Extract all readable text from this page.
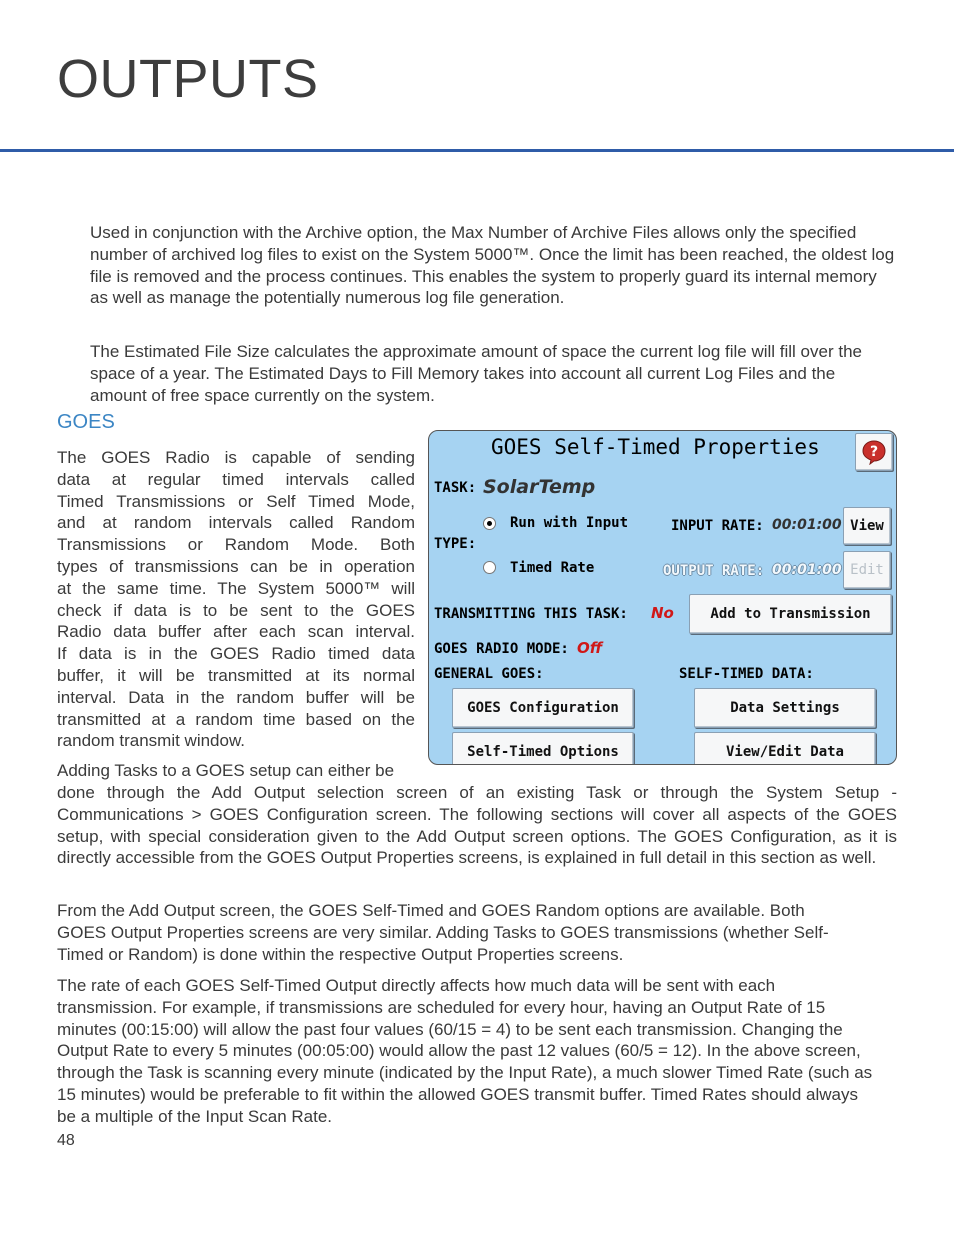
OUTPUTS

Used in conjunction with the Archive option, the Max Number of Archive Files allows only the specified number of archived log files to exist on the System 5000™. Once the limit has been reached, the oldest log file is removed and the process continues. This enables the system to properly guard its internal memory as well as manage the potentially numerous log file generation.

The Estimated File Size calculates the approximate amount of space the current log file will fill over the space of a year. The Estimated Days to Fill Memory takes into account all current Log Files and the amount of free space currently on the system.

GOES
The GOES Radio is capable of sending
data at regular timed intervals called
Timed Transmissions or Self Timed Mode,
and at random intervals called Random
Transmissions or Random Mode. Both
types of transmissions can be in operation
at the same time. The System 5000™ will
check if data is to be sent to the GOES
Radio data buffer after each scan interval.
If data is in the GOES Radio timed data
buffer, it will be transmitted at its normal
interval. Data in the random buffer will be
transmitted at a random time based on the
random transmit window.
Adding Tasks to a GOES setup can either be

done through the Add Output selection screen of an existing Task or through the System Setup - Communications > GOES Configuration screen. The following sections will cover all aspects of the GOES setup, with special consideration given to the Add Output screen options. The GOES Configuration, as it is directly accessible from the GOES Output Properties screens, is explained in full detail in this section as well.

From the Add Output screen, the GOES Self-Timed and GOES Random options are available. Both GOES Output Properties screens are very similar. Adding Tasks to GOES transmissions (whether Self-Timed or Random) is done within the respective Output Properties screens.

The rate of each GOES Self-Timed Output directly affects how much data will be sent with each transmission. For example, if transmissions are scheduled for every hour, having an Output Rate of 15 minutes (00:15:00) will allow the past four values (60/15 = 4) to be sent each transmission. Changing the Output Rate to every 5 minutes (00:05:00) would allow the past 12 values (60/5 = 12). In the above screen, through the Task is scanning every minute (indicated by the Input Rate), a much slower Timed Rate (such as 15 minutes) would be preferable to fit within the allowed GOES transmit buffer. Timed Rates should always be a multiple of the Input Scan Rate.

48
GOES Self-Timed Properties	?
TASK: SolarTemp
Run with Input
TYPE:
Timed Rate
INPUT RATE: 00:01:00 View
OUTPUT RATE: 00:01:00 Edit
TRANSMITTING THIS TASK: No	Add to Transmission
GOES RADIO MODE: Off
GENERAL GOES:	SELF-TIMED DATA:
GOES Configuration	Data Settings
Self-Timed Options	View/Edit Data
